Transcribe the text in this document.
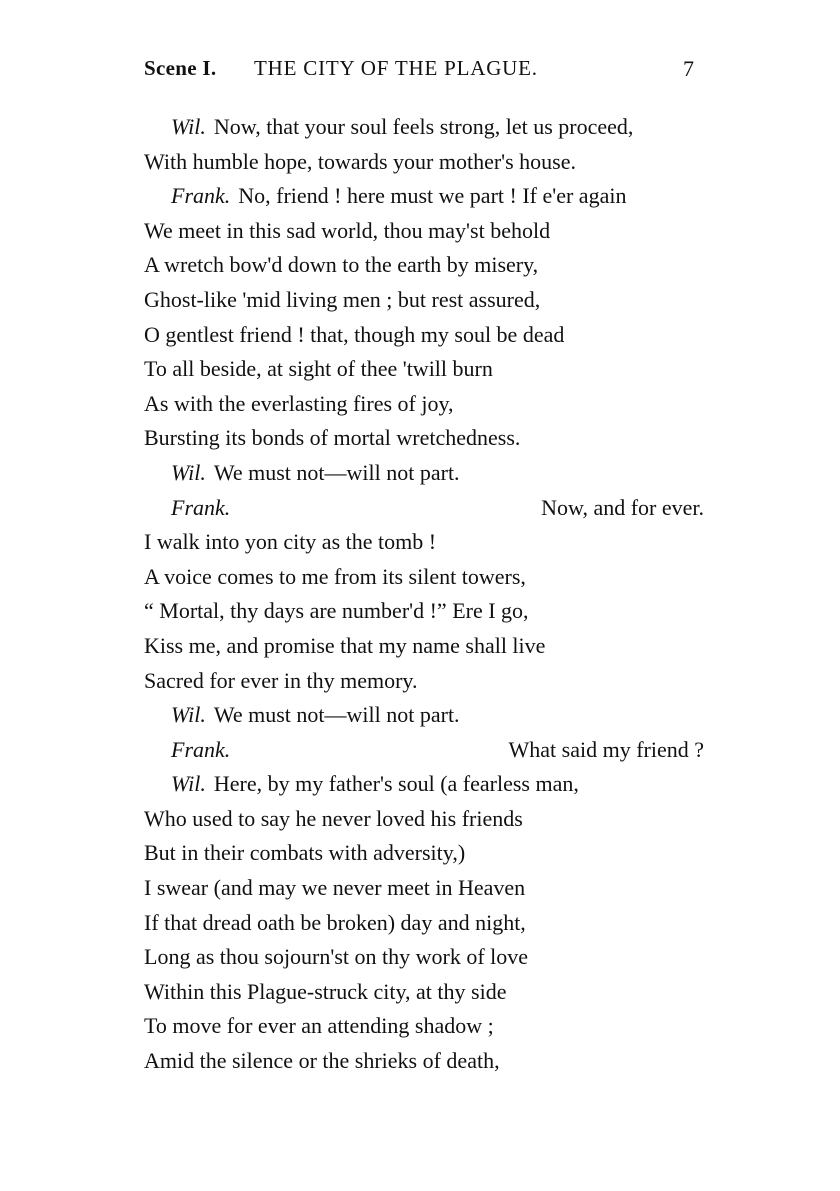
Scene I. THE CITY OF THE PLAGUE.	7
Wil. Now, that your soul feels strong, let us proceed,
With humble hope, towards your mother's house.
Frank. No, friend ! here must we part ! If e'er again
We meet in this sad world, thou may'st behold
A wretch bow'd down to the earth by misery,
Ghost-like 'mid living men ; but rest assured,
O gentlest friend ! that, though my soul be dead
To all beside, at sight of thee 'twill burn
As with the everlasting fires of joy,
Bursting its bonds of mortal wretchedness.
Wil. We must not—will not part.
Frank.	Now, and for ever.
I walk into yon city as the tomb !
A voice comes to me from its silent towers,
“ Mortal, thy days are number'd !” Ere I go,
Kiss me, and promise that my name shall live
Sacred for ever in thy memory.
Wil. We must not—will not part.
Frank.	What said my friend ?
Wil. Here, by my father's soul (a fearless man,
Who used to say he never loved his friends
But in their combats with adversity,)
I swear (and may we never meet in Heaven
If that dread oath be broken) day and night,
Long as thou sojourn'st on thy work of love
Within this Plague-struck city, at thy side
To move for ever an attending shadow ;
Amid the silence or the shrieks of death,
